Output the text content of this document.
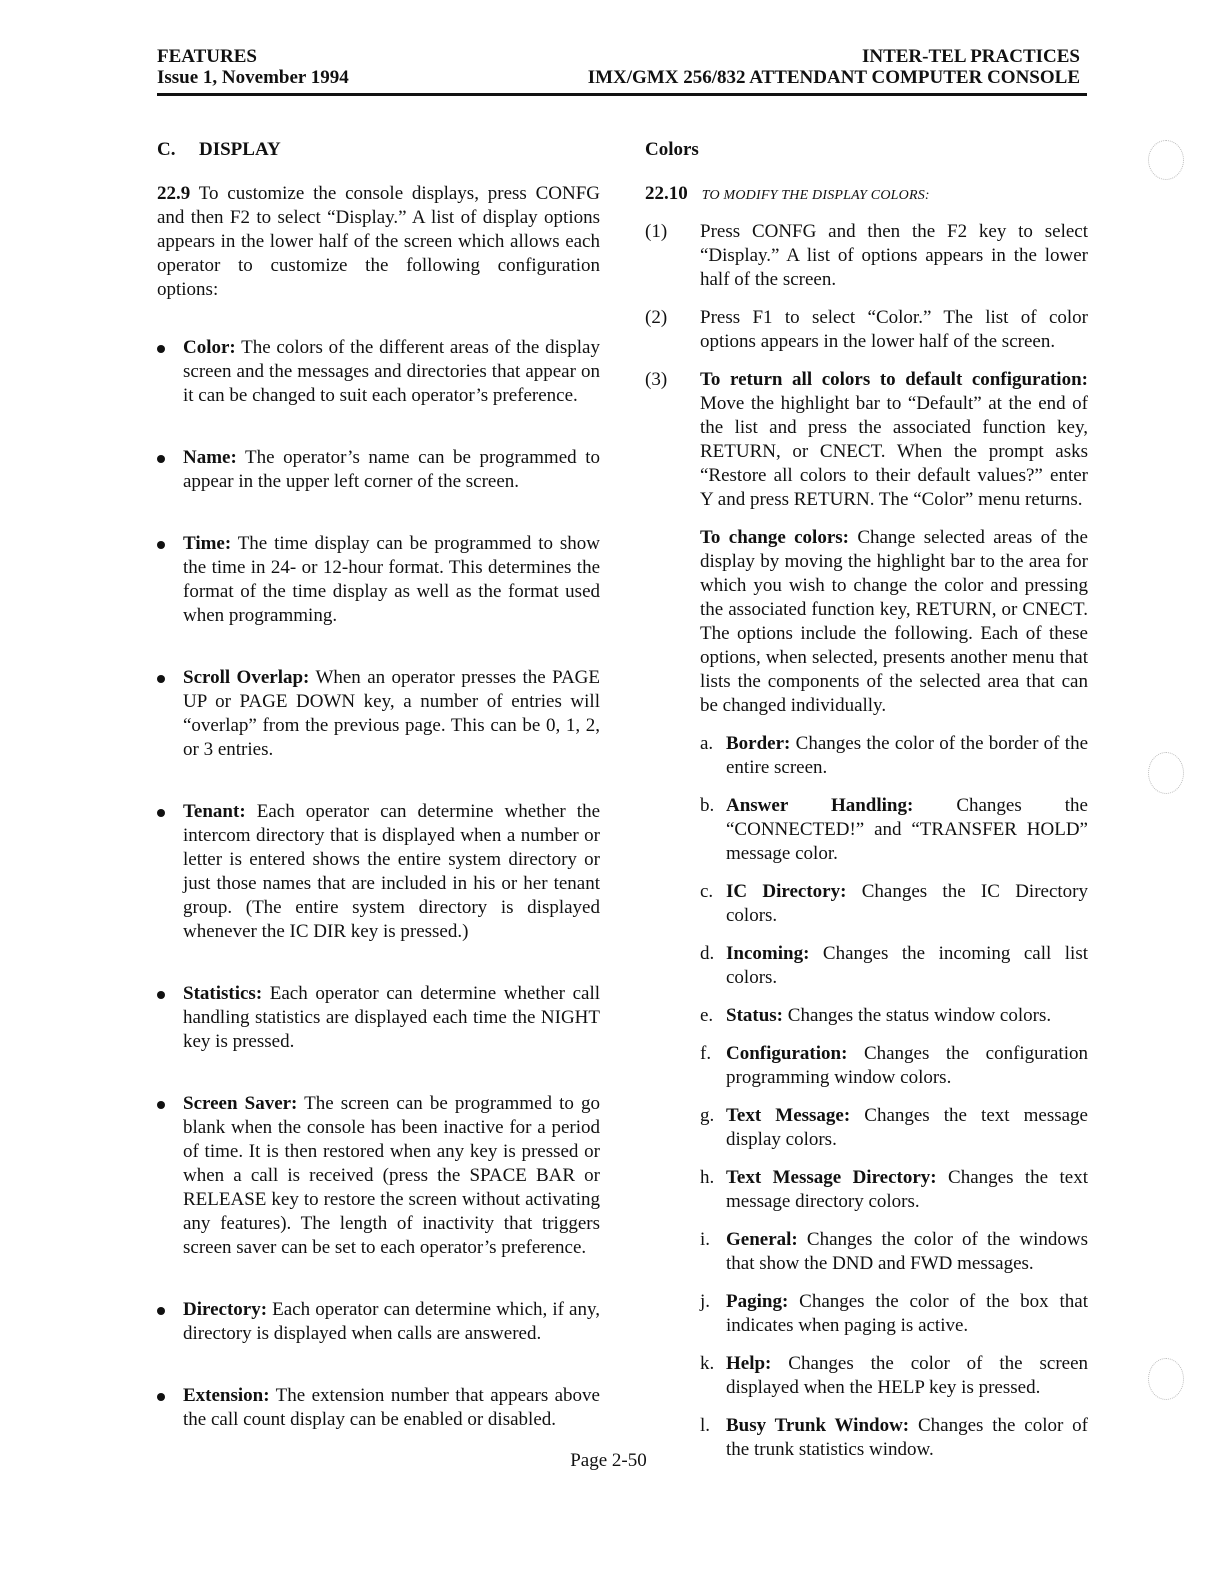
FEATURES
Issue 1, November 1994
INTER-TEL PRACTICES
IMX/GMX 256/832 ATTENDANT COMPUTER CONSOLE
C. DISPLAY

22.9 To customize the console displays, press CONFG and then F2 to select “Display.” A list of display options appears in the lower half of the screen which allows each operator to customize the following configuration options:

Color: The colors of the different areas of the display screen and the messages and directories that appear on it can be changed to suit each operator’s preference.
Name: The operator’s name can be programmed to appear in the upper left corner of the screen.
Time: The time display can be programmed to show the time in 24- or 12-hour format. This determines the format of the time display as well as the format used when programming.
Scroll Overlap: When an operator presses the PAGE UP or PAGE DOWN key, a number of entries will “overlap” from the previous page. This can be 0, 1, 2, or 3 entries.
Tenant: Each operator can determine whether the intercom directory that is displayed when a number or letter is entered shows the entire system directory or just those names that are included in his or her tenant group. (The entire system directory is displayed whenever the IC DIR key is pressed.)
Statistics: Each operator can determine whether call handling statistics are displayed each time the NIGHT key is pressed.
Screen Saver: The screen can be programmed to go blank when the console has been inactive for a period of time. It is then restored when any key is pressed or when a call is received (press the SPACE BAR or RELEASE key to restore the screen without activating any features). The length of inactivity that triggers screen saver can be set to each operator’s preference.
Directory: Each operator can determine which, if any, directory is displayed when calls are answered.
Extension: The extension number that appears above the call count display can be enabled or disabled.
Colors

22.10 TO MODIFY THE DISPLAY COLORS:

(1) Press CONFG and then the F2 key to select “Display.” A list of options appears in the lower half of the screen.
(2) Press F1 to select “Color.” The list of color options appears in the lower half of the screen.
(3) To return all colors to default configuration: Move the highlight bar to “Default” at the end of the list and press the associated function key, RETURN, or CNECT. When the prompt asks “Restore all colors to their default values?” enter Y and press RETURN. The “Color” menu returns.

To change colors: Change selected areas of the display by moving the highlight bar to the area for which you wish to change the color and pressing the associated function key, RETURN, or CNECT. The options include the following. Each of these options, when selected, presents another menu that lists the components of the selected area that can be changed individually.

a. Border: Changes the color of the border of the entire screen.
b. Answer Handling: Changes the “CONNECTED!” and “TRANSFER HOLD” message color.
c. IC Directory: Changes the IC Directory colors.
d. Incoming: Changes the incoming call list colors.
e. Status: Changes the status window colors.
f. Configuration: Changes the configuration programming window colors.
g. Text Message: Changes the text message display colors.
h. Text Message Directory: Changes the text message directory colors.
i. General: Changes the color of the windows that show the DND and FWD messages.
j. Paging: Changes the color of the box that indicates when paging is active.
k. Help: Changes the color of the screen displayed when the HELP key is pressed.
l. Busy Trunk Window: Changes the color of the trunk statistics window.
Page 2-50
